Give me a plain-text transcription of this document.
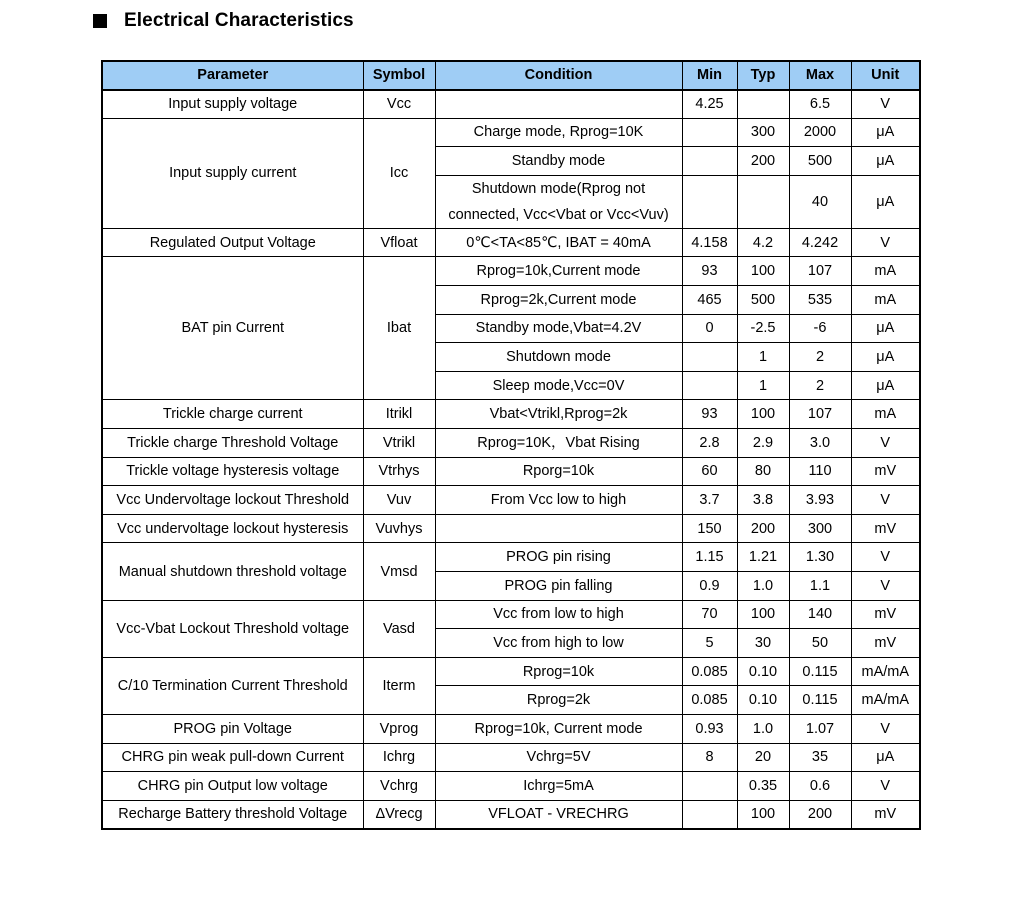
Electrical Characteristics
Parameter	Symbol	Condition	Min	Typ	Max	Unit
Input supply voltage	Vcc		4.25		6.5	V
Input supply current	Icc	Charge mode, Rprog=10K		300	2000	μA
		Standby mode		200	500	μA
		Shutdown mode(Rprog not connected, Vcc<Vbat or Vcc<Vuv)			40	μA
Regulated Output Voltage	Vfloat	0℃<TA<85℃, IBAT = 40mA	4.158	4.2	4.242	V
BAT pin Current	Ibat	Rprog=10k,Current mode	93	100	107	mA
		Rprog=2k,Current mode	465	500	535	mA
		Standby mode,Vbat=4.2V	0	-2.5	-6	μA
		Shutdown mode		1	2	μA
		Sleep mode,Vcc=0V		1	2	μA
Trickle charge current	Itrikl	Vbat<Vtrikl,Rprog=2k	93	100	107	mA
Trickle charge Threshold Voltage	Vtrikl	Rprog=10K，Vbat Rising	2.8	2.9	3.0	V
Trickle voltage hysteresis voltage	Vtrhys	Rporg=10k	60	80	110	mV
Vcc Undervoltage lockout Threshold	Vuv	From Vcc low to high	3.7	3.8	3.93	V
Vcc undervoltage lockout hysteresis	Vuvhys		150	200	300	mV
Manual shutdown threshold voltage	Vmsd	PROG pin rising	1.15	1.21	1.30	V
		PROG pin falling	0.9	1.0	1.1	V
Vcc-Vbat Lockout Threshold voltage	Vasd	Vcc from low to high	70	100	140	mV
		Vcc from high to low	5	30	50	mV
C/10 Termination Current Threshold	Iterm	Rprog=10k	0.085	0.10	0.115	mA/mA
		Rprog=2k	0.085	0.10	0.115	mA/mA
PROG pin Voltage	Vprog	Rprog=10k, Current mode	0.93	1.0	1.07	V
CHRG pin weak pull-down Current	Ichrg	Vchrg=5V	8	20	35	μA
CHRG pin Output low voltage	Vchrg	Ichrg=5mA		0.35	0.6	V
Recharge Battery threshold Voltage	ΔVrecg	VFLOAT - VRECHRG		100	200	mV
